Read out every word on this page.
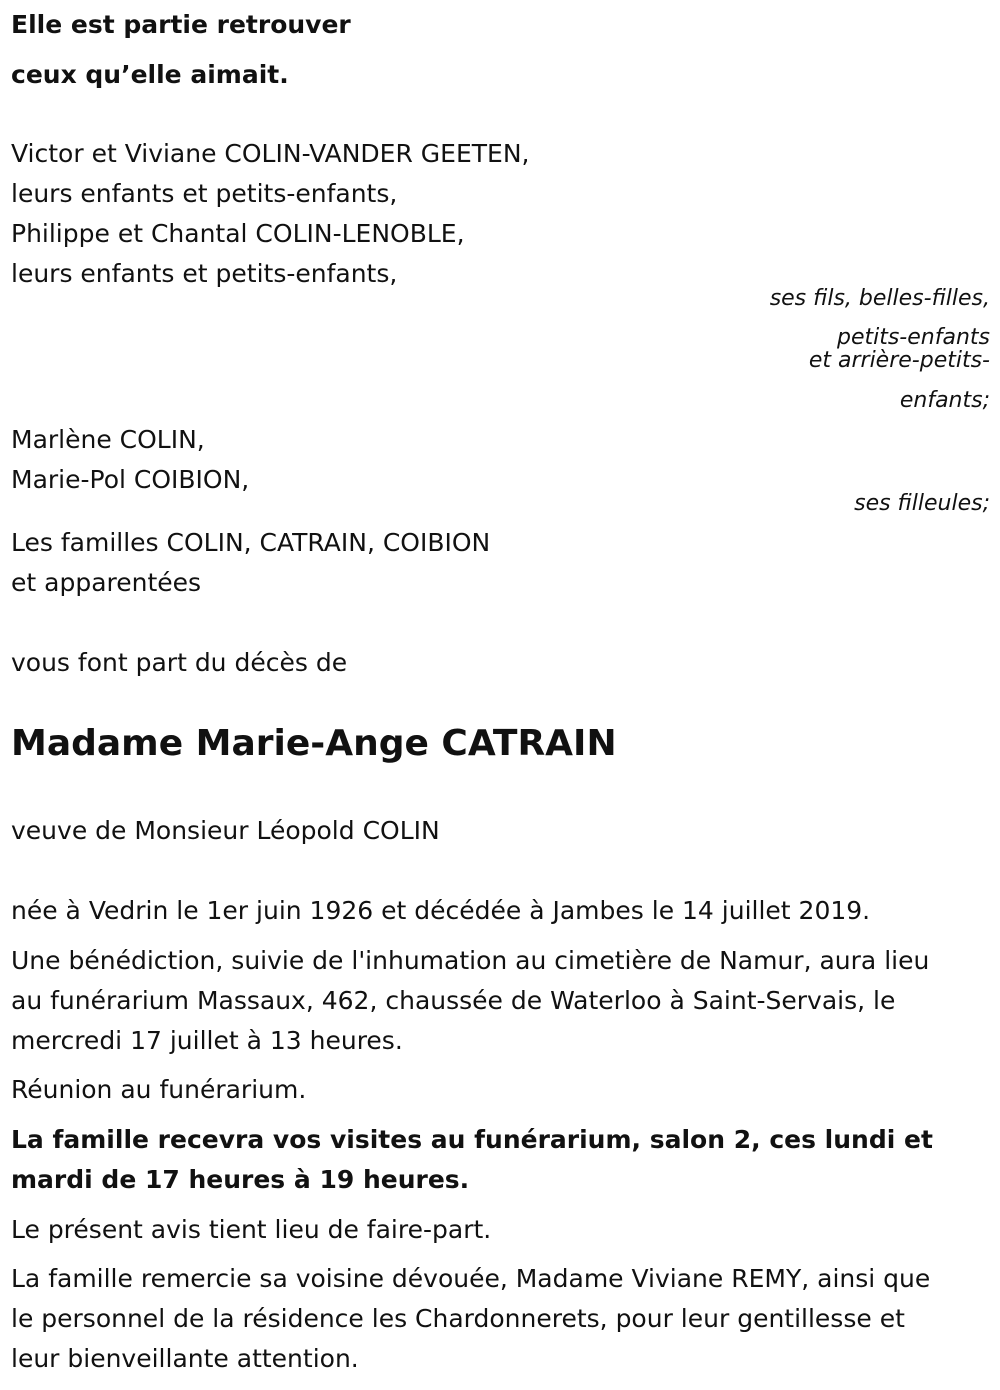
Elle est partie retrouver
ceux qu’elle aimait.
Victor et Viviane COLIN-VANDER GEETEN,
leurs enfants et petits-enfants,
Philippe et Chantal COLIN-LENOBLE,
leurs enfants et petits-enfants,
ses fils, belles-filles,
petits-enfants
et arrière-petits-
enfants;
Marlène COLIN,
Marie-Pol COIBION,
ses filleules;
Les familles COLIN, CATRAIN, COIBION
et apparentées
vous font part du décès de
Madame Marie-Ange CATRAIN
veuve de Monsieur Léopold COLIN
née à Vedrin le 1er juin 1926 et décédée à Jambes le 14 juillet 2019.
Une bénédiction, suivie de l'inhumation au cimetière de Namur, aura lieu
au funérarium Massaux, 462, chaussée de Waterloo à Saint-Servais, le
mercredi 17 juillet à 13 heures.
Réunion au funérarium.
La famille recevra vos visites au funérarium, salon 2, ces lundi et
mardi de 17 heures à 19 heures.
Le présent avis tient lieu de faire-part.
La famille remercie sa voisine dévouée, Madame Viviane REMY, ainsi que
le personnel de la résidence les Chardonnerets, pour leur gentillesse et
leur bienveillante attention.
